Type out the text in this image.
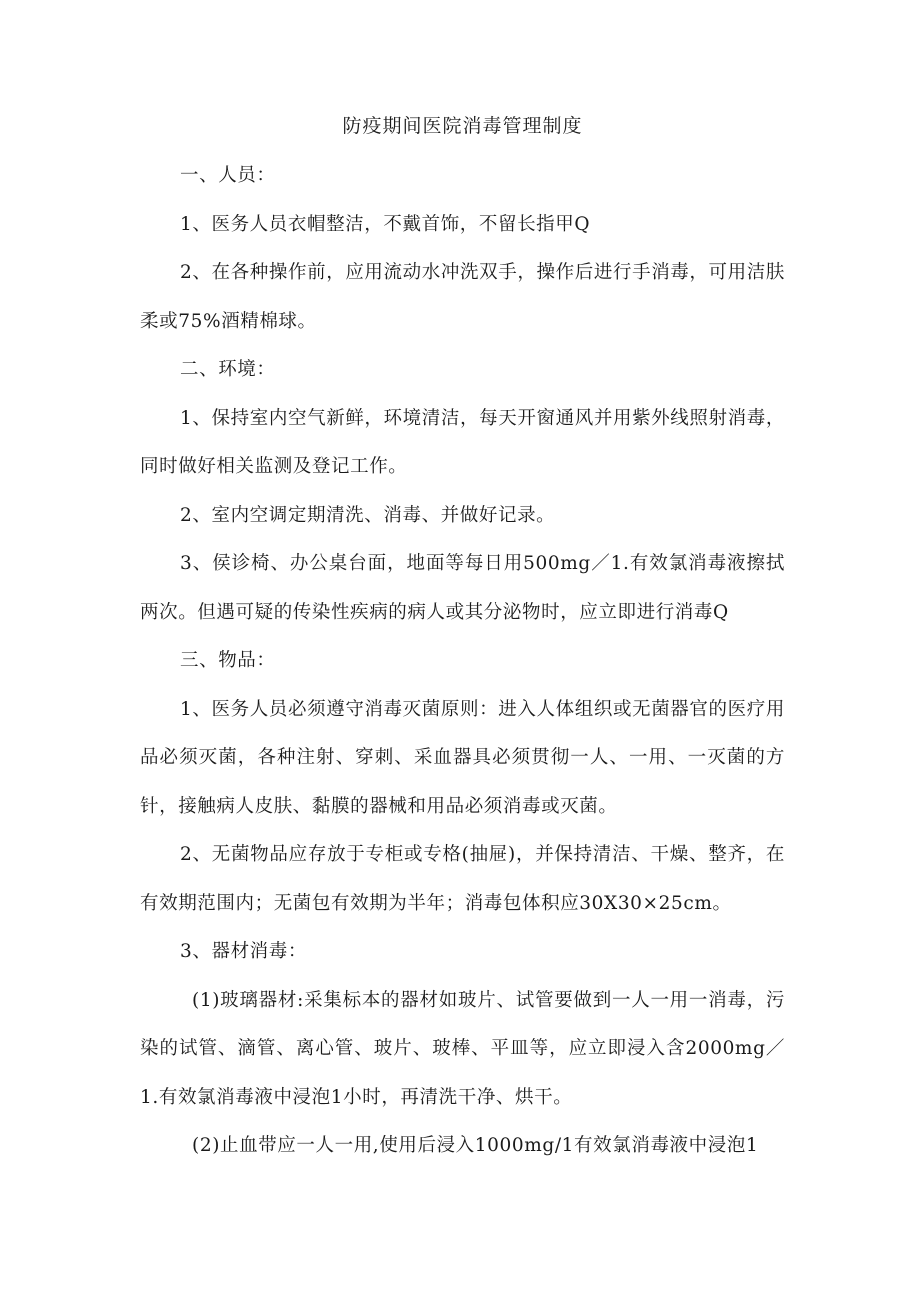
防疫期间医院消毒管理制度

一、人员：

1、医务人员衣帽整洁，不戴首饰，不留长指甲Q

2、在各种操作前，应用流动水冲洗双手，操作后进行手消毒，可用洁肤柔或75%酒精棉球。

二、环境：

1、保持室内空气新鲜，环境清洁，每天开窗通风并用紫外线照射消毒，同时做好相关监测及登记工作。

2、室内空调定期清洗、消毒、并做好记录。

3、侯诊椅、办公桌台面，地面等每日用500mg／1.有效氯消毒液擦拭两次。但遇可疑的传染性疾病的病人或其分泌物时，应立即进行消毒Q

三、物品：

1、医务人员必须遵守消毒灭菌原则：进入人体组织或无菌器官的医疗用品必须灭菌，各种注射、穿刺、采血器具必须贯彻一人、一用、一灭菌的方针，接触病人皮肤、黏膜的器械和用品必须消毒或灭菌。

2、无菌物品应存放于专柜或专格(抽屉)，并保持清洁、干燥、整齐，在有效期范围内；无菌包有效期为半年；消毒包体积应30X30×25cm。

3、器材消毒：

(1)玻璃器材:采集标本的器材如玻片、试管要做到一人一用一消毒，污染的试管、滴管、离心管、玻片、玻棒、平皿等，应立即浸入含2000mg／1.有效氯消毒液中浸泡1小时，再清洗干净、烘干。

(2)止血带应一人一用,使用后浸入1000mg/1有效氯消毒液中浸泡1
